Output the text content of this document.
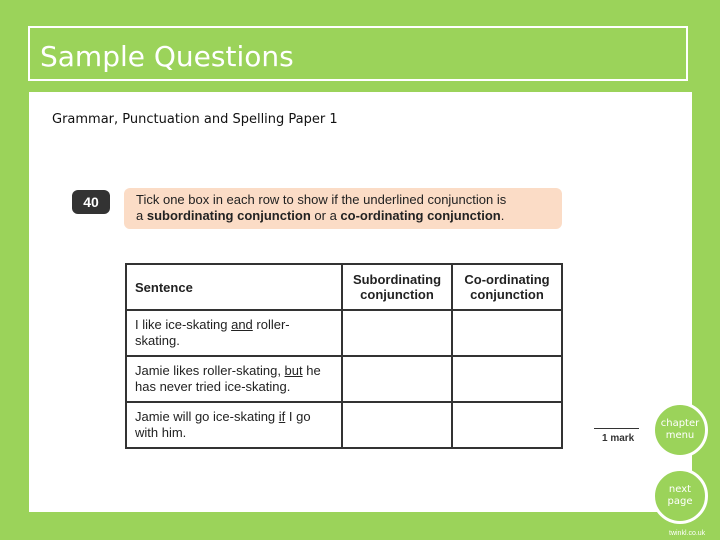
Sample Questions
Grammar, Punctuation and Spelling Paper 1
40	Tick one box in each row to show if the underlined conjunction is
a subordinating conjunction or a co-ordinating conjunction.
Sentence	Subordinating conjunction	Co-ordinating conjunction
I like ice-skating and roller-skating.		
Jamie likes roller-skating, but he has never tried ice-skating.		
Jamie will go ice-skating if I go with him.			1 mark
chapter menu
next page
twinkl.co.uk
